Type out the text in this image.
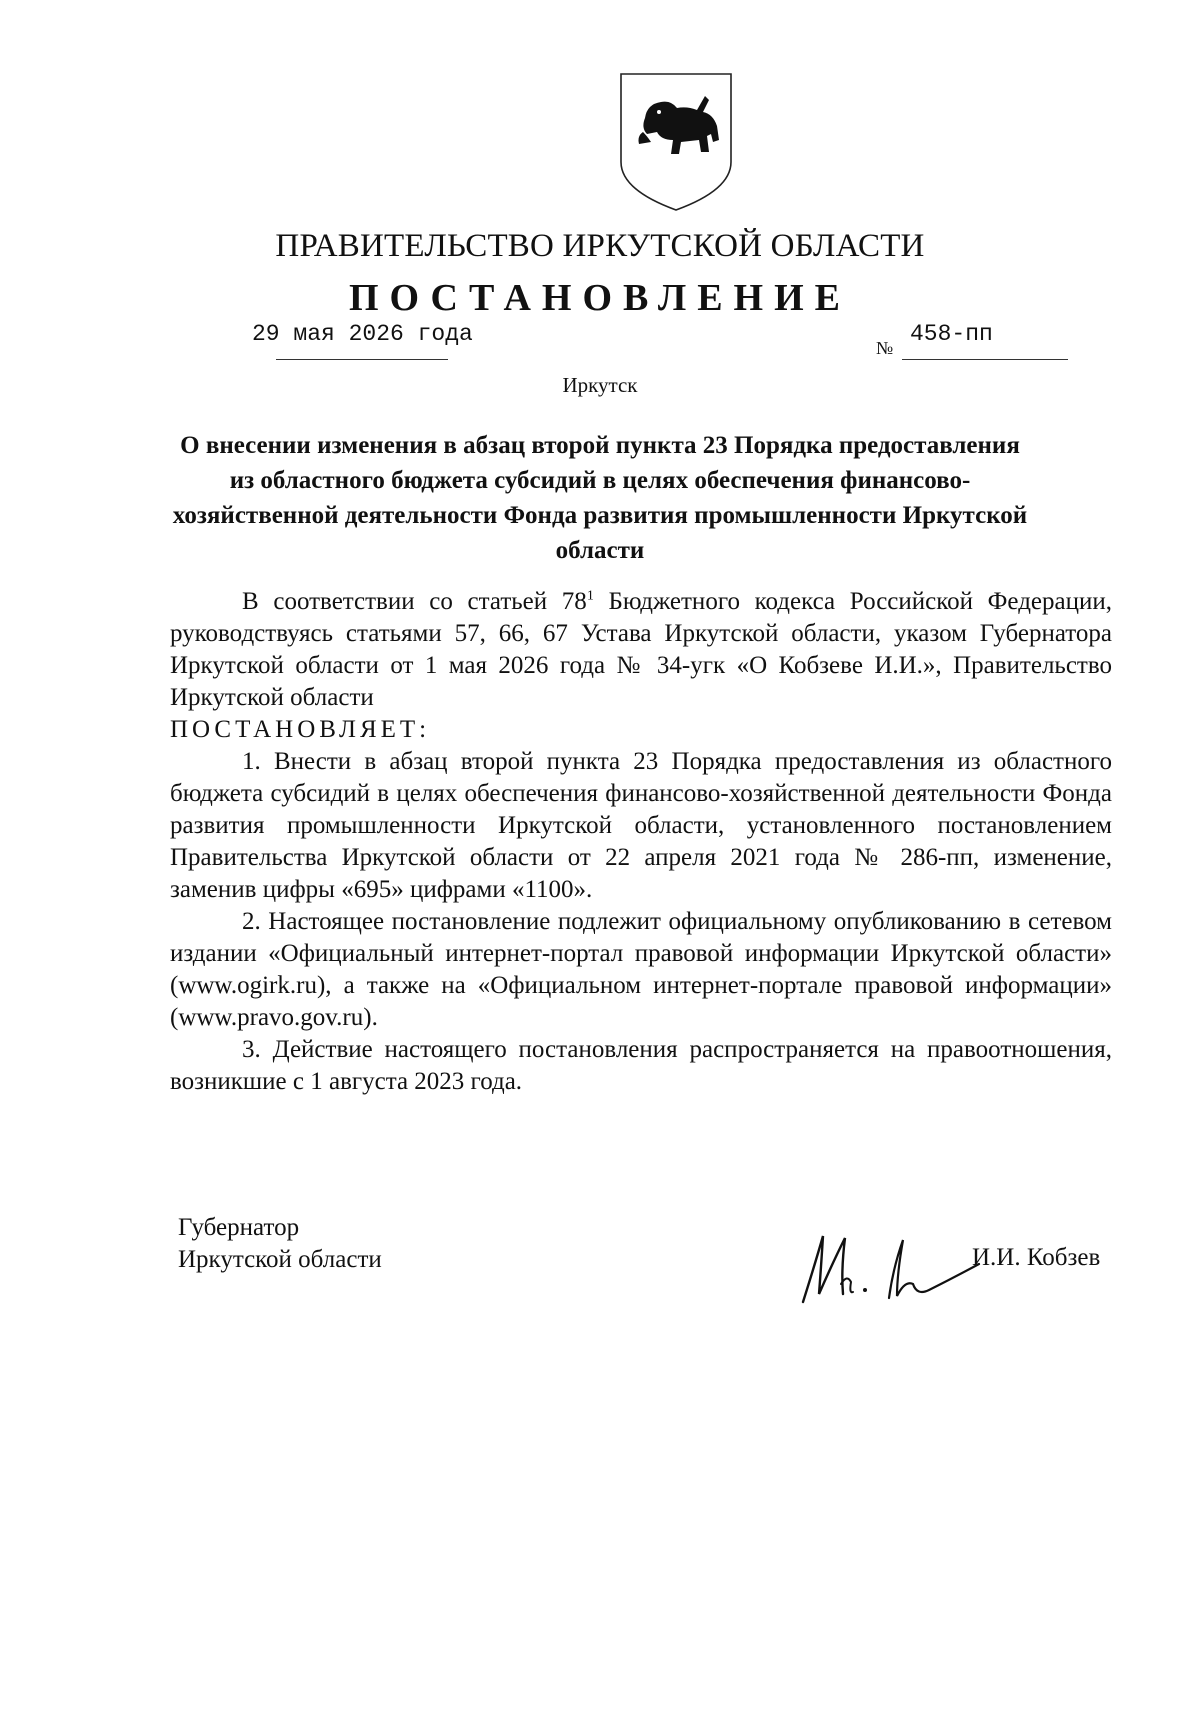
ПРАВИТЕЛЬСТВО ИРКУТСКОЙ ОБЛАСТИ
ПОСТАНОВЛЕНИЕ
29 мая 2026 года
№
458-пп
Иркутск
О внесении изменения в абзац второй пункта 23 Порядка предоставления из областного бюджета субсидий в целях обеспечения финансово-хозяйственной деятельности Фонда развития промышленности Иркутской области

В соответствии со статьей $78^1$ Бюджетного кодекса Российской Федерации, руководствуясь статьями 57, 66, 67 Устава Иркутской области, указом Губернатора Иркутской области от 1 мая 2026 года № 34-угк «О Кобзеве И.И.», Правительство Иркутской области

ПОСТАНОВЛЯЕТ:

1. Внести в абзац второй пункта 23 Порядка предоставления из областного бюджета субсидий в целях обеспечения финансово-хозяйственной деятельности Фонда развития промышленности Иркутской области, установленного постановлением Правительства Иркутской области от 22 апреля 2021 года № 286-пп, изменение, заменив цифры «695» цифрами «1100».

2. Настоящее постановление подлежит официальному опубликованию в сетевом издании «Официальный интернет-портал правовой информации Иркутской области» (www.ogirk.ru), а также на «Официальном интернет-портале правовой информации» (www.pravo.gov.ru).

3. Действие настоящего постановления распространяется на правоотношения, возникшие с 1 августа 2023 года.

Губернатор
Иркутской области	И.И. Кобзев
